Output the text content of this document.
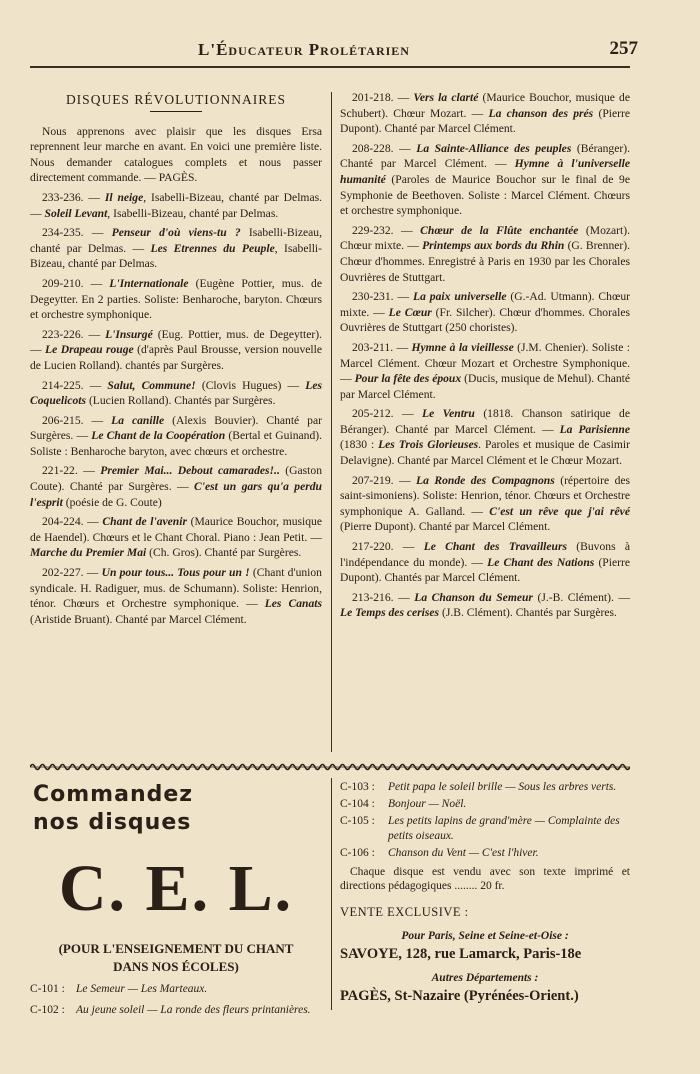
L'Éducateur Prolétarien	257
DISQUES RÉVOLUTIONNAIRES

Nous apprenons avec plaisir que les disques Ersa reprennent leur marche en avant. En voici une première liste. Nous demander catalogues complets et nous passer directement commande. — PAGÈS.

233-236. — Il neige, Isabelli-Bizeau, chanté par Delmas. — Soleil Levant, Isabelli-Bizeau, chanté par Delmas.

234-235. — Penseur d'où viens-tu ? Isabelli-Bizeau, chanté par Delmas. — Les Etrennes du Peuple, Isabelli-Bizeau, chanté par Delmas.

209-210. — L'Internationale (Eugène Pottier, mus. de Degeytter. En 2 parties. Soliste: Benharoche, baryton. Chœurs et orchestre symphonique.

223-226. — L'Insurgé (Eug. Pottier, mus. de Degeytter). — Le Drapeau rouge (d'après Paul Brousse, version nouvelle de Lucien Rolland). chantés par Surgères.

214-225. — Salut, Commune! (Clovis Hugues) — Les Coquelicots (Lucien Rolland). Chantés par Surgères.

206-215. — La canille (Alexis Bouvier). Chanté par Surgères. — Le Chant de la Coopération (Bertal et Guinand). Soliste : Benharoche baryton, avec chœurs et orchestre.

221-22. — Premier Mai... Debout camarades!.. (Gaston Coute). Chanté par Surgères. — C'est un gars qu'a perdu l'esprit (poésie de G. Coute)

204-224. — Chant de l'avenir (Maurice Bouchor, musique de Haendel). Chœurs et le Chant Choral. Piano : Jean Petit. — Marche du Premier Mai (Ch. Gros). Chanté par Surgères.

202-227. — Un pour tous... Tous pour un ! (Chant d'union syndicale. H. Radiguer, mus. de Schumann). Soliste: Henrion, ténor. Chœurs et Orchestre symphonique. — Les Canats (Aristide Bruant). Chanté par Marcel Clément.

201-218. — Vers la clarté (Maurice Bouchor, musique de Schubert). Chœur Mozart. — La chanson des prés (Pierre Dupont). Chanté par Marcel Clément.

208-228. — La Sainte-Alliance des peuples (Béranger). Chanté par Marcel Clément. — Hymne à l'universelle humanité (Paroles de Maurice Bouchor sur le final de 9e Symphonie de Beethoven. Soliste : Marcel Clément. Chœurs et orchestre symphonique.

229-232. — Chœur de la Flûte enchantée (Mozart). Chœur mixte. — Printemps aux bords du Rhin (G. Brenner). Chœur d'hommes. Enregistré à Paris en 1930 par les Chorales Ouvrières de Stuttgart.

230-231. — La paix universelle (G.-Ad. Utmann). Chœur mixte. — Le Cœur (Fr. Silcher). Chœur d'hommes. Chorales Ouvrières de Stuttgart (250 choristes).

203-211. — Hymne à la vieillesse (J.M. Chenier). Soliste : Marcel Clément. Chœur Mozart et Orchestre Symphonique. — Pour la fête des époux (Ducis, musique de Mehul). Chanté par Marcel Clément.

205-212. — Le Ventru (1818. Chanson satirique de Béranger). Chanté par Marcel Clément. — La Parisienne (1830 : Les Trois Glorieuses. Paroles et musique de Casimir Delavigne). Chanté par Marcel Clément et le Chœur Mozart.

207-219. — La Ronde des Compagnons (répertoire des saint-simoniens). Soliste: Henrion, ténor. Chœurs et Orchestre symphonique A. Galland. — C'est un rêve que j'ai rêvé (Pierre Dupont). Chanté par Marcel Clément.

217-220. — Le Chant des Travailleurs (Buvons à l'indépendance du monde). — Le Chant des Nations (Pierre Dupont). Chantés par Marcel Clément.

213-216. — La Chanson du Semeur (J.-B. Clément). — Le Temps des cerises (J.B. Clément). Chantés par Surgères.

Commandez
nos disques
C. E. L.
(POUR L'ENSEIGNEMENT DU CHANT
DANS NOS ÉCOLES)
C-101 : Le Semeur — Les Marteaux.
C-102 : Au jeune soleil — La ronde des fleurs printanières.
C-103 :	Petit papa le soleil brille — Sous les arbres verts.
C-104 :	Bonjour — Noël.
C-105 :	Les petits lapins de grand'mère — Complainte des petits oiseaux.
C-106 :	Chanson du Vent — C'est l'hiver.
Chaque disque est vendu avec son texte imprimé et directions pédagogiques ........ 20 fr.
VENTE EXCLUSIVE :
Pour Paris, Seine et Seine-et-Oise :
SAVOYE, 128, rue Lamarck, Paris-18e
Autres Départements :
PAGÈS, St-Nazaire (Pyrénées-Orient.)
